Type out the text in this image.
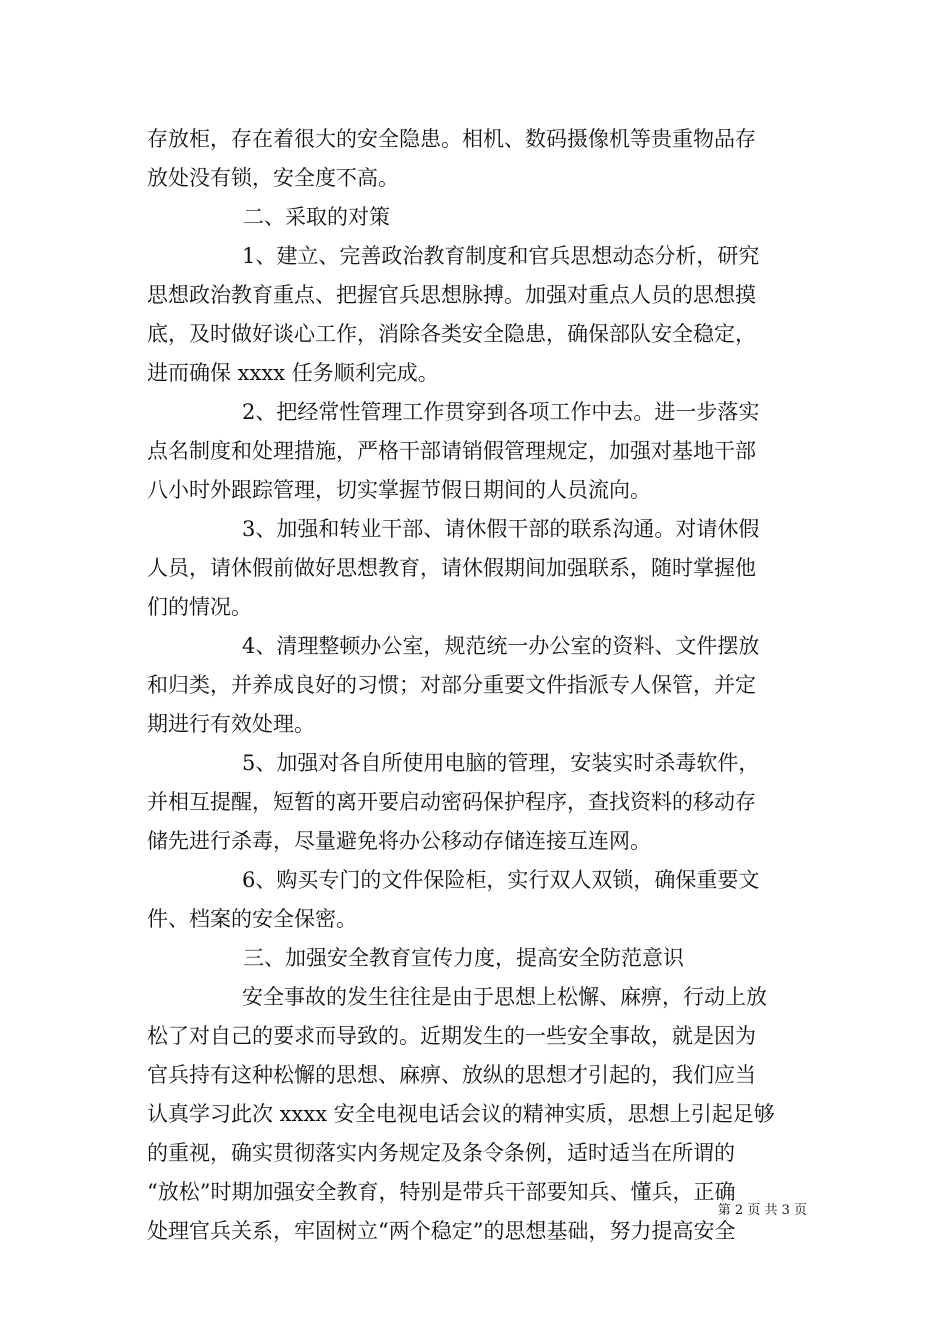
存放柜，存在着很大的安全隐患。相机、数码摄像机等贵重物品存
放处没有锁，安全度不高。
二、采取的对策
1、建立、完善政治教育制度和官兵思想动态分析，研究
思想政治教育重点、把握官兵思想脉搏。加强对重点人员的思想摸
底，及时做好谈心工作，消除各类安全隐患，确保部队安全稳定，
进而确保 xxxx 任务顺利完成。
2、把经常性管理工作贯穿到各项工作中去。进一步落实
点名制度和处理措施，严格干部请销假管理规定，加强对基地干部
八小时外跟踪管理，切实掌握节假日期间的人员流向。
3、加强和转业干部、请休假干部的联系沟通。对请休假
人员，请休假前做好思想教育，请休假期间加强联系，随时掌握他
们的情况。
4、清理整顿办公室，规范统一办公室的资料、文件摆放
和归类，并养成良好的习惯；对部分重要文件指派专人保管，并定
期进行有效处理。
5、加强对各自所使用电脑的管理，安装实时杀毒软件，
并相互提醒，短暂的离开要启动密码保护程序，查找资料的移动存
储先进行杀毒，尽量避免将办公移动存储连接互连网。
6、购买专门的文件保险柜，实行双人双锁，确保重要文
件、档案的安全保密。
三、加强安全教育宣传力度，提高安全防范意识
安全事故的发生往往是由于思想上松懈、麻痹，行动上放
松了对自己的要求而导致的。近期发生的一些安全事故，就是因为
官兵持有这种松懈的思想、麻痹、放纵的思想才引起的，我们应当
认真学习此次 xxxx 安全电视电话会议的精神实质，思想上引起足够
的重视，确实贯彻落实内务规定及条令条例，适时适当在所谓的
“放松”时期加强安全教育，特别是带兵干部要知兵、懂兵，正确
处理官兵关系，牢固树立“两个稳定”的思想基础，努力提高安全
第 2 页 共 3 页
